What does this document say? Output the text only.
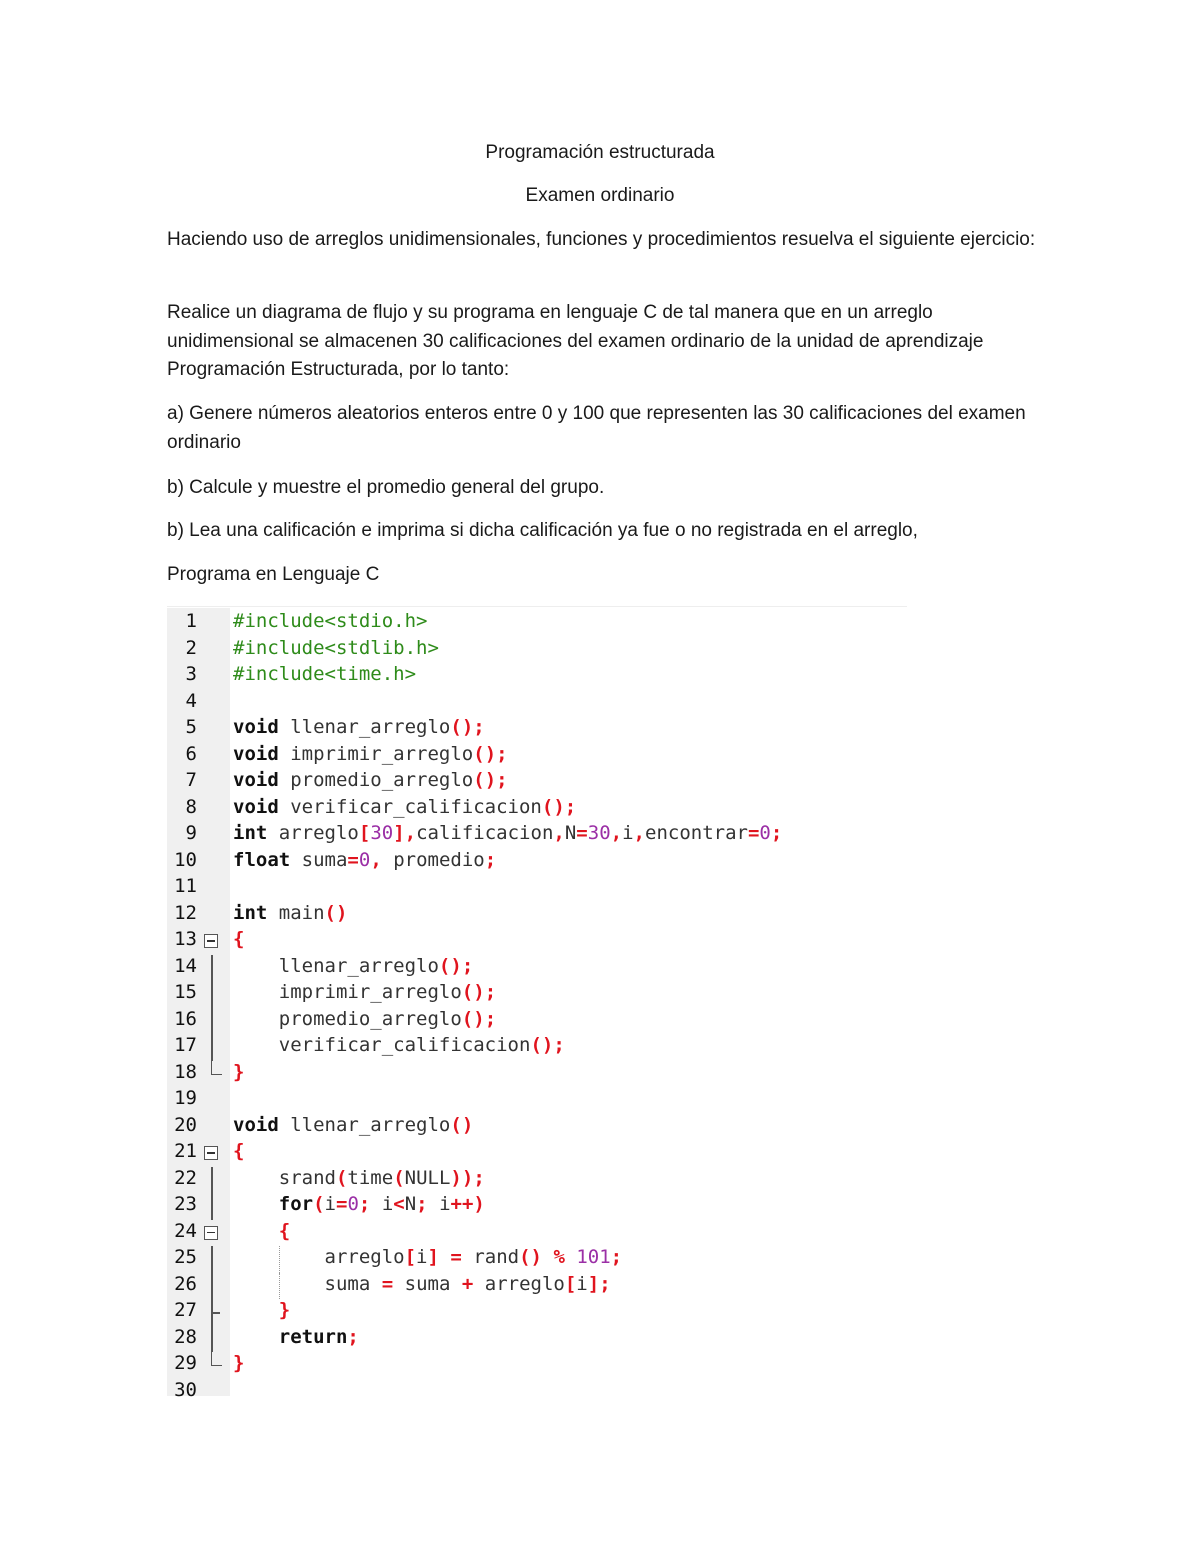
Programación estructurada
Examen ordinario

Haciendo uso de arreglos unidimensionales, funciones y procedimientos resuelva el siguiente ejercicio:

Realice un diagrama de flujo y su programa en lenguaje C de tal manera que en un arreglo unidimensional se almacenen 30 calificaciones del examen ordinario de la unidad de aprendizaje Programación Estructurada, por lo tanto:

a) Genere números aleatorios enteros entre 0 y 100 que representen las 30 calificaciones del examen ordinario

b) Calcule y muestre el promedio general del grupo.

b) Lea una calificación e imprima si dicha calificación ya fue o no registrada en el arreglo,

Programa en Lenguaje C

1 #include<stdio.h>
2 #include<stdlib.h>
3 #include<time.h>
4
5 void llenar_arreglo();
6 void imprimir_arreglo();
7 void promedio_arreglo();
8 void verificar_calificacion();
9 int arreglo[30],calificacion,N=30,i,encontrar=0;
10 float suma=0, promedio;
11
12 int main()
13 {
14	llenar_arreglo();
15	imprimir_arreglo();
16	promedio_arreglo();
17	verificar_calificacion();
18 }
19
20 void llenar_arreglo()
21 {
22	srand(time(NULL));
23	for(i=0; i<N; i++)
24	{
25	arreglo[i] = rand() % 101;
26	suma = suma + arreglo[i];
27	}
28	return;
29 }
30
